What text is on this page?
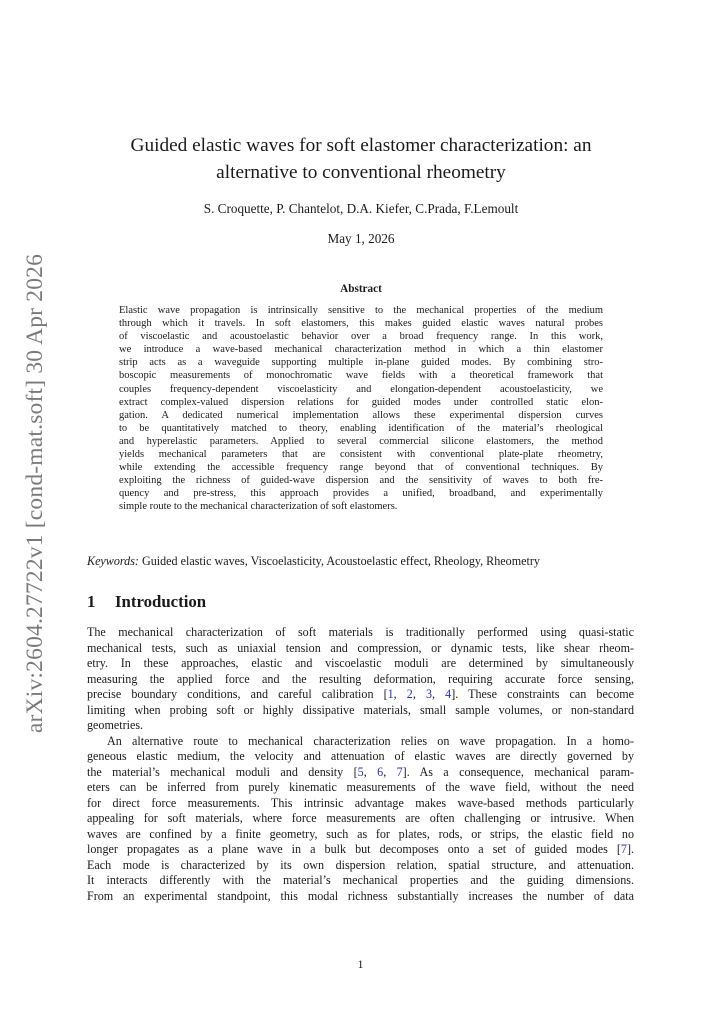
arXiv:2604.27722v1 [cond-mat.soft] 30 Apr 2026
Guided elastic waves for soft elastomer characterization: an
alternative to conventional rheometry
S. Croquette, P. Chantelot, D.A. Kiefer, C.Prada, F.Lemoult
May 1, 2026
Abstract

Elastic wave propagation is intrinsically sensitive to the mechanical properties of the medium

through which it travels. In soft elastomers, this makes guided elastic waves natural probes

of viscoelastic and acoustoelastic behavior over a broad frequency range. In this work,

we introduce a wave-based mechanical characterization method in which a thin elastomer

strip acts as a waveguide supporting multiple in-plane guided modes. By combining stro-

boscopic measurements of monochromatic wave fields with a theoretical framework that

couples frequency-dependent viscoelasticity and elongation-dependent acoustoelasticity, we

extract complex-valued dispersion relations for guided modes under controlled static elon-

gation. A dedicated numerical implementation allows these experimental dispersion curves

to be quantitatively matched to theory, enabling identification of the material’s rheological

and hyperelastic parameters. Applied to several commercial silicone elastomers, the method

yields mechanical parameters that are consistent with conventional plate-plate rheometry,

while extending the accessible frequency range beyond that of conventional techniques. By

exploiting the richness of guided-wave dispersion and the sensitivity of waves to both fre-

quency and pre-stress, this approach provides a unified, broadband, and experimentally

simple route to the mechanical characterization of soft elastomers.

Keywords: Guided elastic waves, Viscoelasticity, Acoustoelastic effect, Rheology, Rheometry
1 Introduction

The mechanical characterization of soft materials is traditionally performed using quasi-static

mechanical tests, such as uniaxial tension and compression, or dynamic tests, like shear rheom-

etry. In these approaches, elastic and viscoelastic moduli are determined by simultaneously

measuring the applied force and the resulting deformation, requiring accurate force sensing,

precise boundary conditions, and careful calibration [1, 2, 3, 4]. These constraints can become

limiting when probing soft or highly dissipative materials, small sample volumes, or non-standard

geometries.

An alternative route to mechanical characterization relies on wave propagation. In a homo-

geneous elastic medium, the velocity and attenuation of elastic waves are directly governed by

the material’s mechanical moduli and density [5, 6, 7]. As a consequence, mechanical param-

eters can be inferred from purely kinematic measurements of the wave field, without the need

for direct force measurements. This intrinsic advantage makes wave-based methods particularly

appealing for soft materials, where force measurements are often challenging or intrusive. When

waves are confined by a finite geometry, such as for plates, rods, or strips, the elastic field no

longer propagates as a plane wave in a bulk but decomposes onto a set of guided modes [7].

Each mode is characterized by its own dispersion relation, spatial structure, and attenuation.

It interacts differently with the material’s mechanical properties and the guiding dimensions.

From an experimental standpoint, this modal richness substantially increases the number of data

1
